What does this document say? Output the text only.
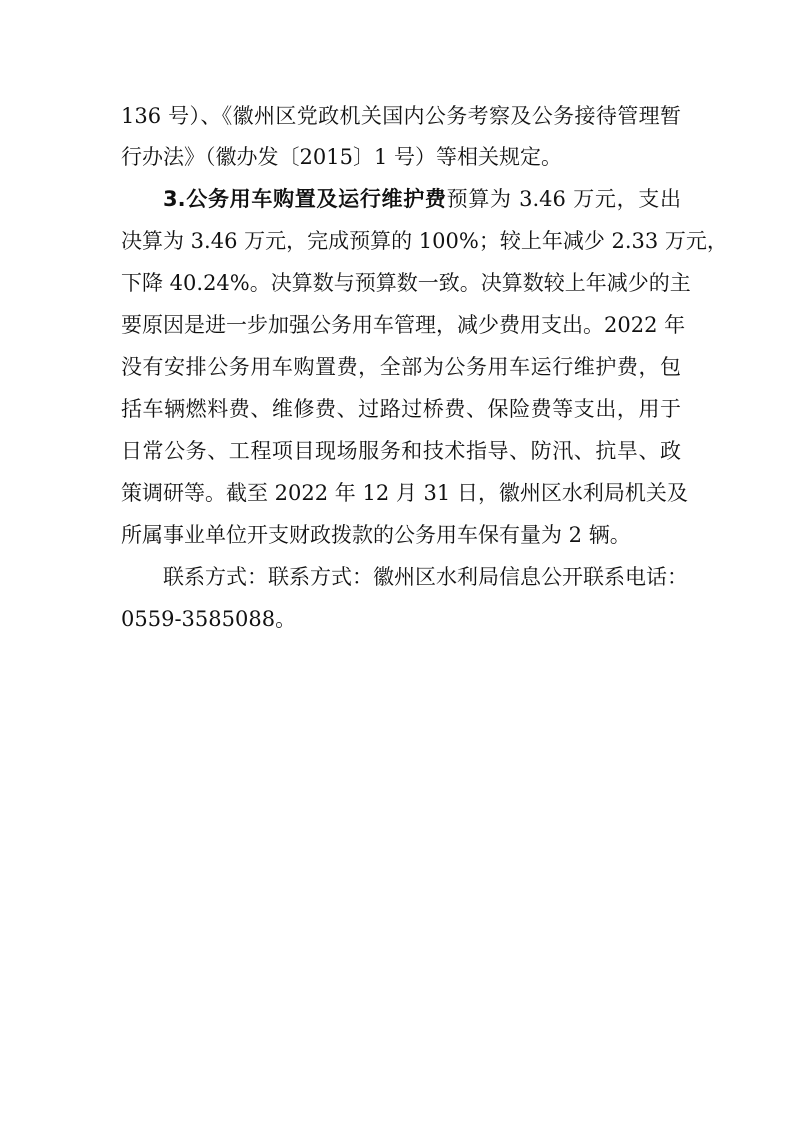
136 号）、《徽州区党政机关国内公务考察及公务接待管理暂
行办法》（徽办发〔2015〕1 号）等相关规定。
3.公务用车购置及运行维护费预算为 3.46 万元，支出
决算为 3.46 万元，完成预算的 100%；较上年减少 2.33 万元，
下降 40.24%。决算数与预算数一致。决算数较上年减少的主
要原因是进一步加强公务用车管理，减少费用支出。2022 年
没有安排公务用车购置费，全部为公务用车运行维护费，包
括车辆燃料费、维修费、过路过桥费、保险费等支出，用于
日常公务、工程项目现场服务和技术指导、防汛、抗旱、政
策调研等。截至 2022 年 12 月 31 日，徽州区水利局机关及
所属事业单位开支财政拨款的公务用车保有量为 2 辆。
联系方式：联系方式：徽州区水利局信息公开联系电话：
0559-3585088。
